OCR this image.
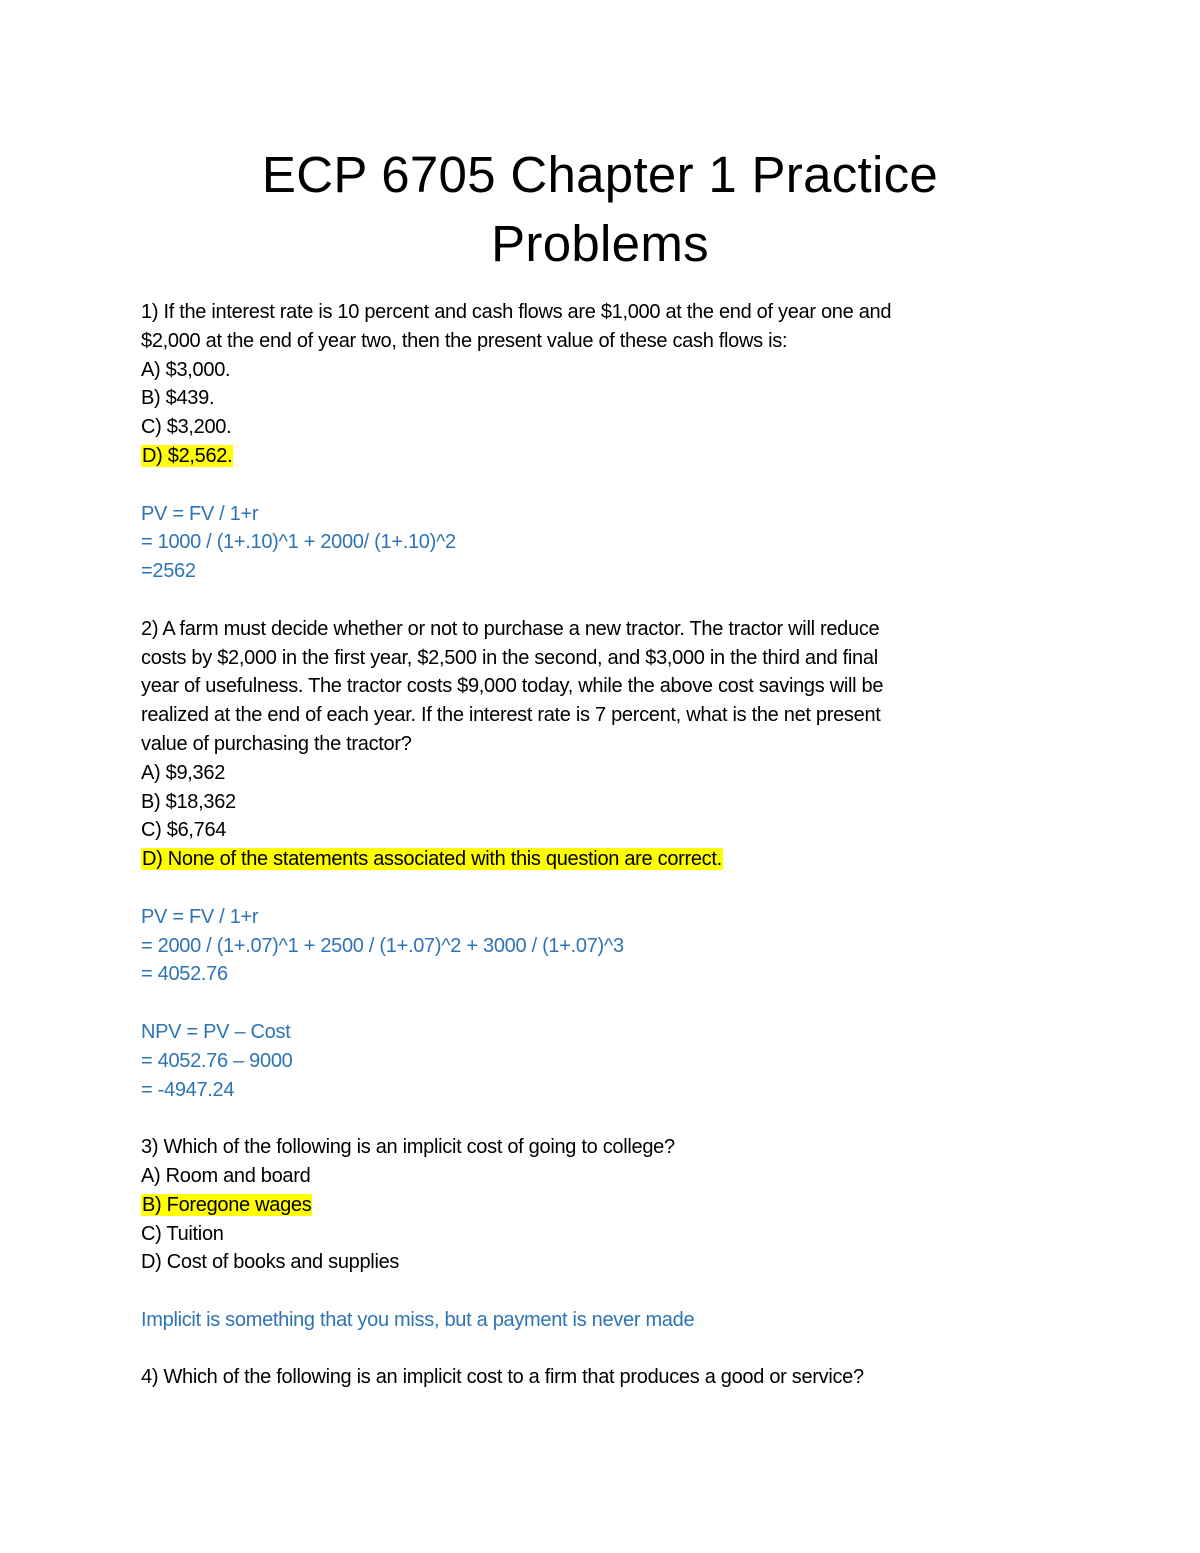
ECP 6705 Chapter 1 Practice
Problems
1) If the interest rate is 10 percent and cash flows are $1,000 at the end of year one and
$2,000 at the end of year two, then the present value of these cash flows is:
A) $3,000.
B) $439.
C) $3,200.
D) $2,562.
PV = FV / 1+r
= 1000 / (1+.10)^1 + 2000/ (1+.10)^2
=2562
2) A farm must decide whether or not to purchase a new tractor. The tractor will reduce
costs by $2,000 in the first year, $2,500 in the second, and $3,000 in the third and final
year of usefulness. The tractor costs $9,000 today, while the above cost savings will be
realized at the end of each year. If the interest rate is 7 percent, what is the net present
value of purchasing the tractor?
A) $9,362
B) $18,362
C) $6,764
D) None of the statements associated with this question are correct.
PV = FV / 1+r
= 2000 / (1+.07)^1 + 2500 / (1+.07)^2 + 3000 / (1+.07)^3
= 4052.76
NPV = PV – Cost
= 4052.76 – 9000
= -4947.24
3) Which of the following is an implicit cost of going to college?
A) Room and board
B) Foregone wages
C) Tuition
D) Cost of books and supplies
Implicit is something that you miss, but a payment is never made
4) Which of the following is an implicit cost to a firm that produces a good or service?
